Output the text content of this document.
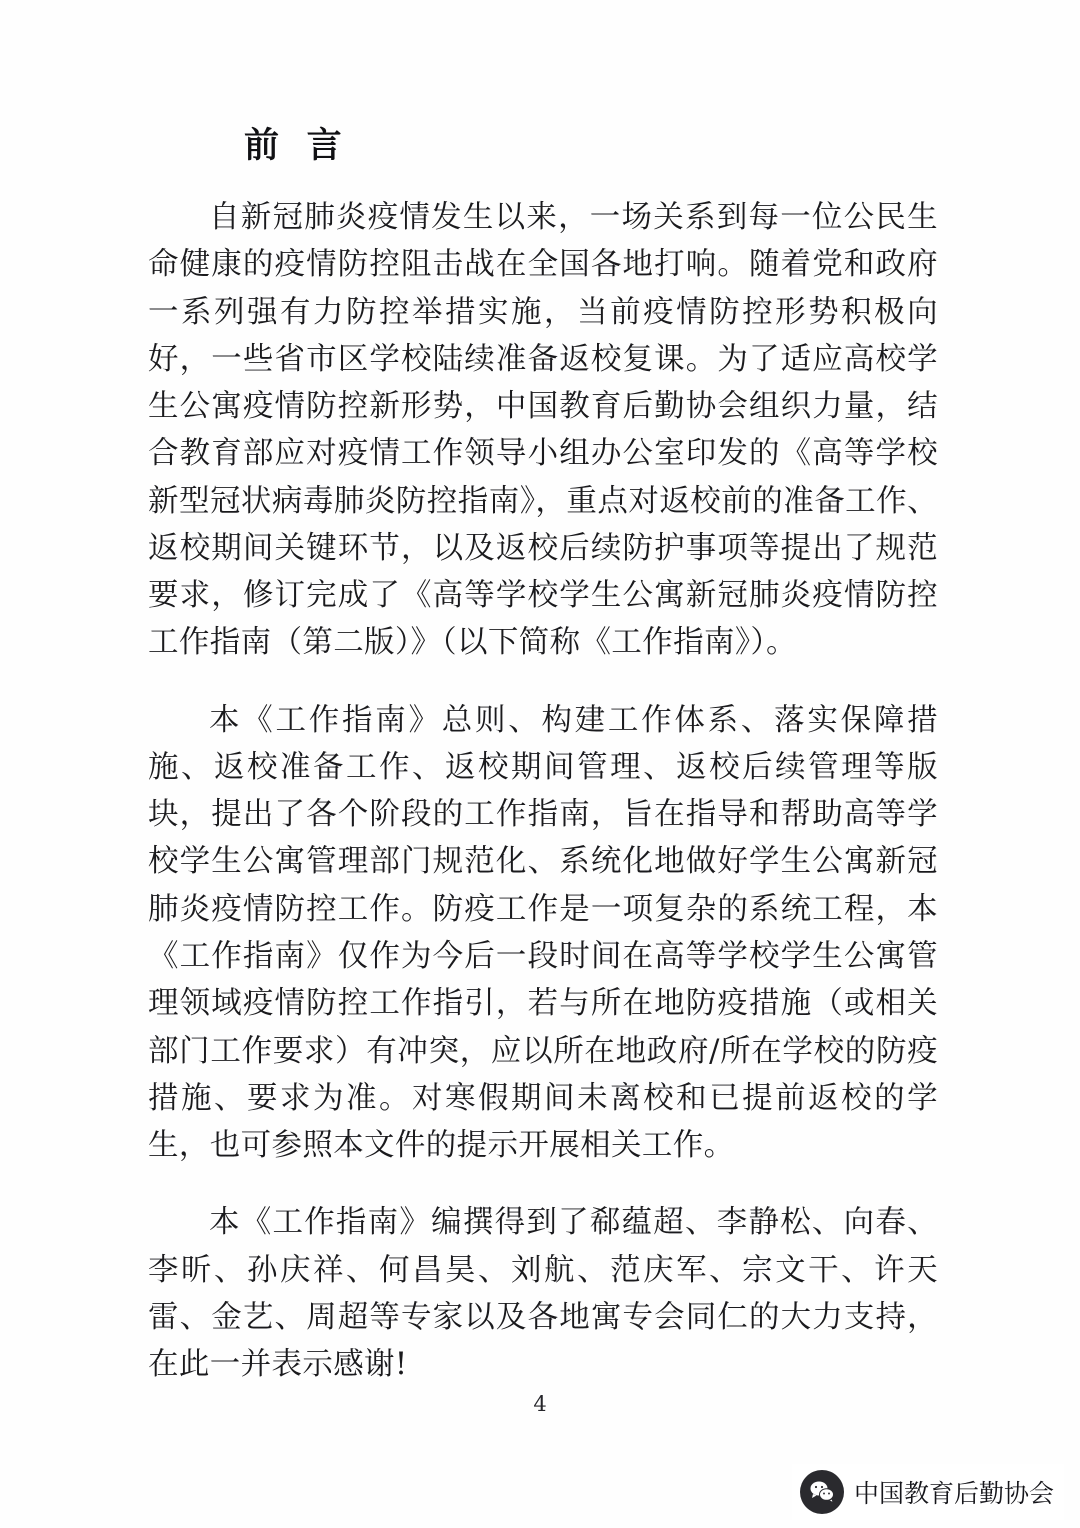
前 言

自新冠肺炎疫情发生以来，一场关系到每一位公民生命健康的疫情防控阻击战在全国各地打响。随着党和政府一系列强有力防控举措实施，当前疫情防控形势积极向好，一些省市区学校陆续准备返校复课。为了适应高校学生公寓疫情防控新形势，中国教育后勤协会组织力量，结合教育部应对疫情工作领导小组办公室印发的《高等学校新型冠状病毒肺炎防控指南》，重点对返校前的准备工作、返校期间关键环节，以及返校后续防护事项等提出了规范要求，修订完成了《高等学校学生公寓新冠肺炎疫情防控工作指南（第二版）》（以下简称《工作指南》）。

本《工作指南》总则、构建工作体系、落实保障措施、返校准备工作、返校期间管理、返校后续管理等版块，提出了各个阶段的工作指南，旨在指导和帮助高等学校学生公寓管理部门规范化、系统化地做好学生公寓新冠肺炎疫情防控工作。防疫工作是一项复杂的系统工程，本《工作指南》仅作为今后一段时间在高等学校学生公寓管理领域疫情防控工作指引，若与所在地防疫措施（或相关部门工作要求）有冲突，应以所在地政府/所在学校的防疫措施、要求为准。对寒假期间未离校和已提前返校的学生，也可参照本文件的提示开展相关工作。

本《工作指南》编撰得到了郗蕴超、李静松、向春、李昕、孙庆祥、何昌昊、刘航、范庆军、宗文干、许天雷、金艺、周超等专家以及各地寓专会同仁的大力支持，在此一并表示感谢!

4
中国教育后勤协会
